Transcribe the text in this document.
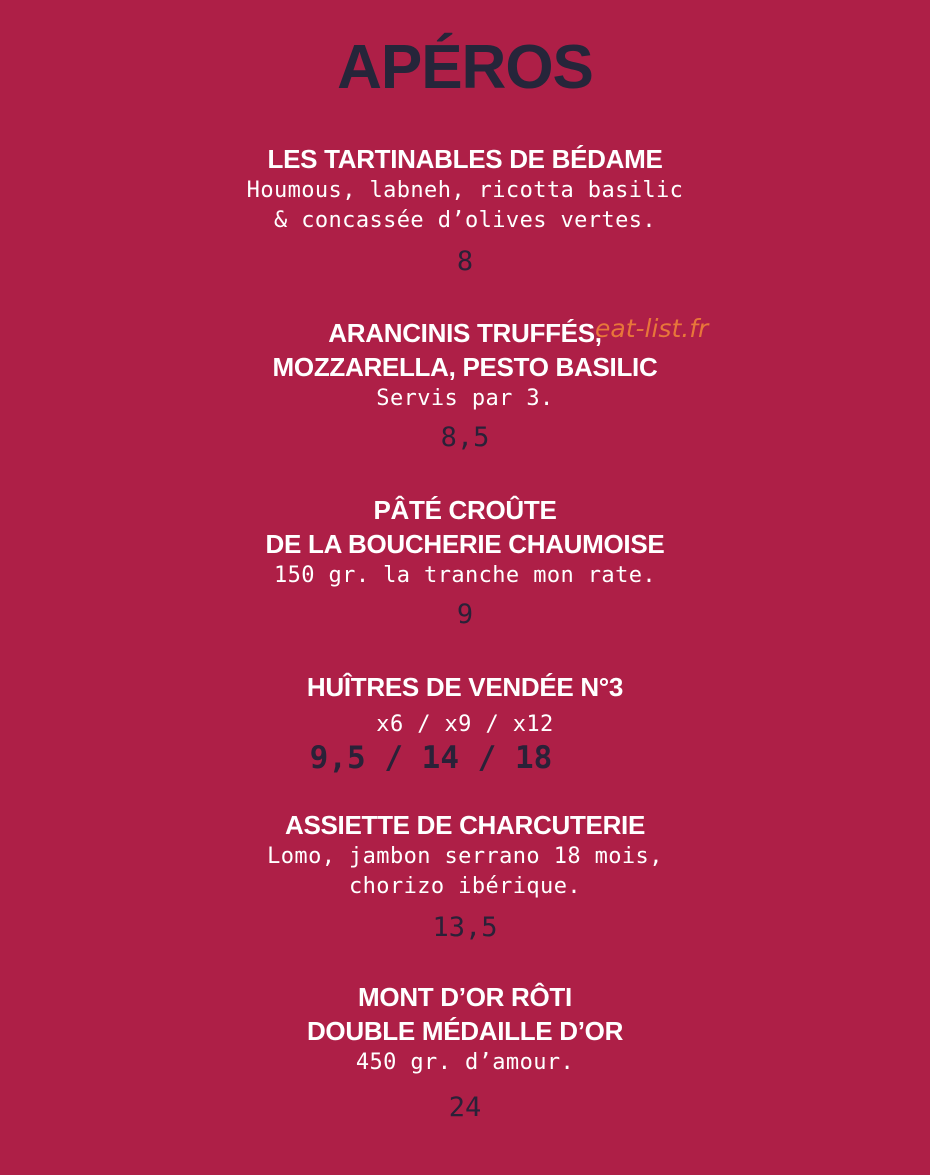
APÉROS

LES TARTINABLES DE BÉDAME

Houmous, labneh, ricotta basilic

& concassée d’olives vertes.

8

ARANCINIS TRUFFÉS,

MOZZARELLA, PESTO BASILIC

Servis par 3.

8,5

PÂTÉ CROÛTE

DE LA BOUCHERIE CHAUMOISE

150 gr. la tranche mon rate.

9

HUÎTRES DE VENDÉE N°3

x6 / x9 / x12

9,5 / 14 / 18

ASSIETTE DE CHARCUTERIE

Lomo, jambon serrano 18 mois,

chorizo ibérique.

13,5

MONT D’OR RÔTI

DOUBLE MÉDAILLE D’OR

450 gr. d’amour.

24

eat-list.fr
